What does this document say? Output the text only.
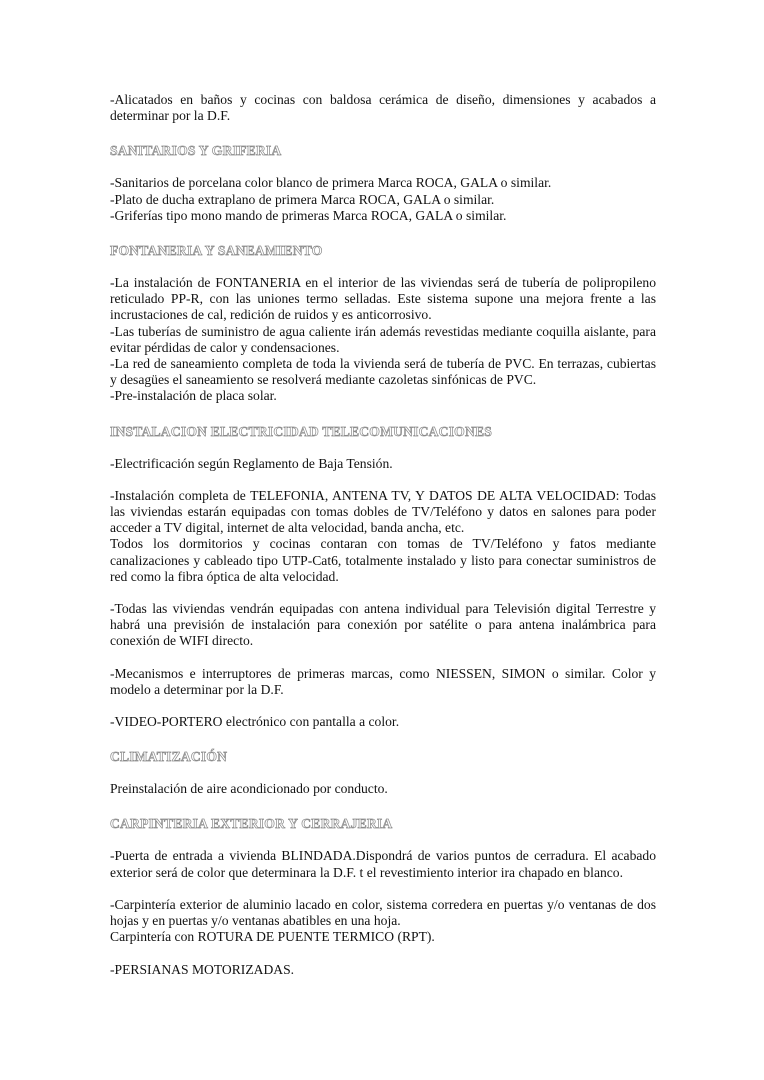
-Alicatados en baños y cocinas con baldosa cerámica de diseño, dimensiones y acabados a determinar por la D.F.

SANITARIOS Y GRIFERIA

-Sanitarios de porcelana color blanco de primera Marca ROCA, GALA o similar.

-Plato de ducha extraplano de primera Marca ROCA, GALA o similar.

-Griferías tipo mono mando de primeras Marca ROCA, GALA o similar.

FONTANERIA Y SANEAMIENTO

-La instalación de FONTANERIA en el interior de las viviendas será de tubería de polipropileno reticulado PP-R, con las uniones termo selladas. Este sistema supone una mejora frente a las incrustaciones de cal, redición de ruidos y es anticorrosivo.

-Las tuberías de suministro de agua caliente irán además revestidas mediante coquilla aislante, para evitar pérdidas de calor y condensaciones.

-La red de saneamiento completa de toda la vivienda será de tubería de PVC. En terrazas, cubiertas y desagües el saneamiento se resolverá mediante cazoletas sinfónicas de PVC.

-Pre-instalación de placa solar.

INSTALACION ELECTRICIDAD TELECOMUNICACIONES

-Electrificación según Reglamento de Baja Tensión.

-Instalación completa de TELEFONIA, ANTENA TV, Y DATOS DE ALTA VELOCIDAD: Todas las viviendas estarán equipadas con tomas dobles de TV/Teléfono y datos en salones para poder acceder a TV digital, internet de alta velocidad, banda ancha, etc.

Todos los dormitorios y cocinas contaran con tomas de TV/Teléfono y fatos mediante canalizaciones y cableado tipo UTP-Cat6, totalmente instalado y listo para conectar suministros de red como la fibra óptica de alta velocidad.

-Todas las viviendas vendrán equipadas con antena individual para Televisión digital Terrestre y habrá una previsión de instalación para conexión por satélite o para antena inalámbrica para conexión de WIFI directo.

-Mecanismos e interruptores de primeras marcas, como NIESSEN, SIMON o similar. Color y modelo a determinar por la D.F.

-VIDEO-PORTERO electrónico con pantalla a color.

CLIMATIZACIÓN

Preinstalación de aire acondicionado por conducto.

CARPINTERIA EXTERIOR Y CERRAJERIA

-Puerta de entrada a vivienda BLINDADA.Dispondrá de varios puntos de cerradura. El acabado exterior será de color que determinara la D.F. t el revestimiento interior ira chapado en blanco.

-Carpintería exterior de aluminio lacado en color, sistema corredera en puertas y/o ventanas de dos hojas y en puertas y/o ventanas abatibles en una hoja.

Carpintería con ROTURA DE PUENTE TERMICO (RPT).

-PERSIANAS MOTORIZADAS.
